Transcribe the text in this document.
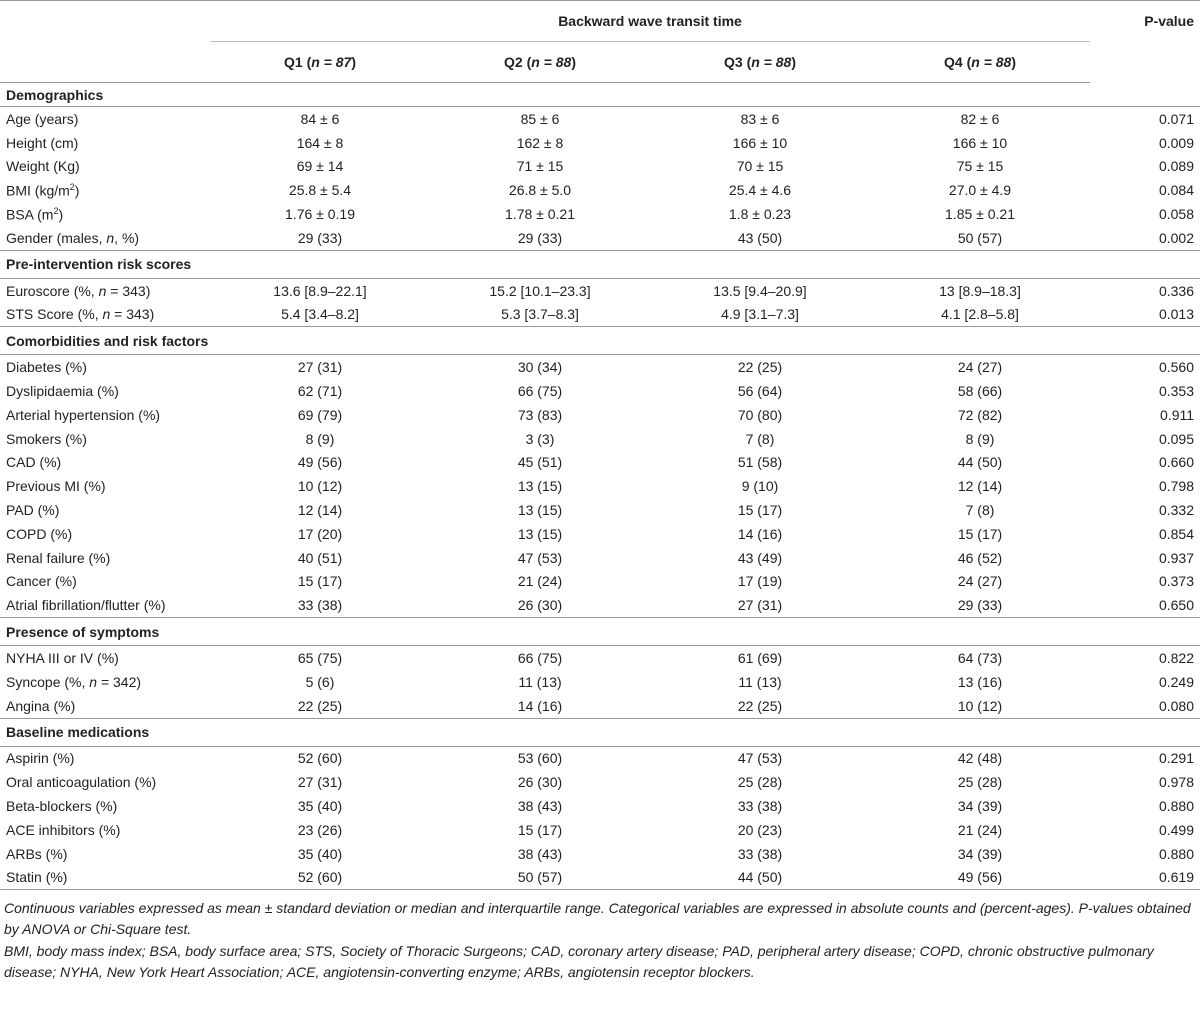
	Backward wave transit time				P-value
	Q1 (n = 87)	Q2 (n = 88)	Q3 (n = 88)	Q4 (n = 88)	
Demographics					
Age (years)	84 ± 6	85 ± 6	83 ± 6	82 ± 6	0.071
Height (cm)	164 ± 8	162 ± 8	166 ± 10	166 ± 10	0.009
Weight (Kg)	69 ± 14	71 ± 15	70 ± 15	75 ± 15	0.089
BMI $(kg/m^2)$	25.8 ± 5.4	26.8 ± 5.0	25.4 ± 4.6	27.0 ± 4.9	0.084
BSA $(m^2)$	1.76 ± 0.19	1.78 ± 0.21	1.8 ± 0.23	1.85 ± 0.21	0.058
Gender (males, n, %)	29 (33)	29 (33)	43 (50)	50 (57)	0.002
Pre-intervention risk scores					
Euroscore (%, n = 343)	13.6 [8.9–22.1]	15.2 [10.1–23.3]	13.5 [9.4–20.9]	13 [8.9–18.3]	0.336
STS Score (%, n = 343)	5.4 [3.4–8.2]	5.3 [3.7–8.3]	4.9 [3.1–7.3]	4.1 [2.8–5.8]	0.013
Comorbidities and risk factors					
Diabetes (%)	27 (31)	30 (34)	22 (25)	24 (27)	0.560
Dyslipidaemia (%)	62 (71)	66 (75)	56 (64)	58 (66)	0.353
Arterial hypertension (%)	69 (79)	73 (83)	70 (80)	72 (82)	0.911
Smokers (%)	8 (9)	3 (3)	7 (8)	8 (9)	0.095
CAD (%)	49 (56)	45 (51)	51 (58)	44 (50)	0.660
Previous MI (%)	10 (12)	13 (15)	9 (10)	12 (14)	0.798
PAD (%)	12 (14)	13 (15)	15 (17)	7 (8)	0.332
COPD (%)	17 (20)	13 (15)	14 (16)	15 (17)	0.854
Renal failure (%)	40 (51)	47 (53)	43 (49)	46 (52)	0.937
Cancer (%)	15 (17)	21 (24)	17 (19)	24 (27)	0.373
Atrial fibrillation/flutter (%)	33 (38)	26 (30)	27 (31)	29 (33)	0.650
Presence of symptoms					
NYHA III or IV (%)	65 (75)	66 (75)	61 (69)	64 (73)	0.822
Syncope (%, n = 342)	5 (6)	11 (13)	11 (13)	13 (16)	0.249
Angina (%)	22 (25)	14 (16)	22 (25)	10 (12)	0.080
Baseline medications					
Aspirin (%)	52 (60)	53 (60)	47 (53)	42 (48)	0.291
Oral anticoagulation (%)	27 (31)	26 (30)	25 (28)	25 (28)	0.978
Beta-blockers (%)	35 (40)	38 (43)	33 (38)	34 (39)	0.880
ACE inhibitors (%)	23 (26)	15 (17)	20 (23)	21 (24)	0.499
ARBs (%)	35 (40)	38 (43)	33 (38)	34 (39)	0.880
Statin (%)	52 (60)	50 (57)	44 (50)	49 (56)	0.619

Continuous variables expressed as mean ± standard deviation or median and interquartile range. Categorical variables are expressed in absolute counts and (percent-ages). P-values obtained by ANOVA or Chi-Square test.

BMI, body mass index; BSA, body surface area; STS, Society of Thoracic Surgeons; CAD, coronary artery disease; PAD, peripheral artery disease; COPD, chronic obstructive pulmonary disease; NYHA, New York Heart Association; ACE, angiotensin-converting enzyme; ARBs, angiotensin receptor blockers.
